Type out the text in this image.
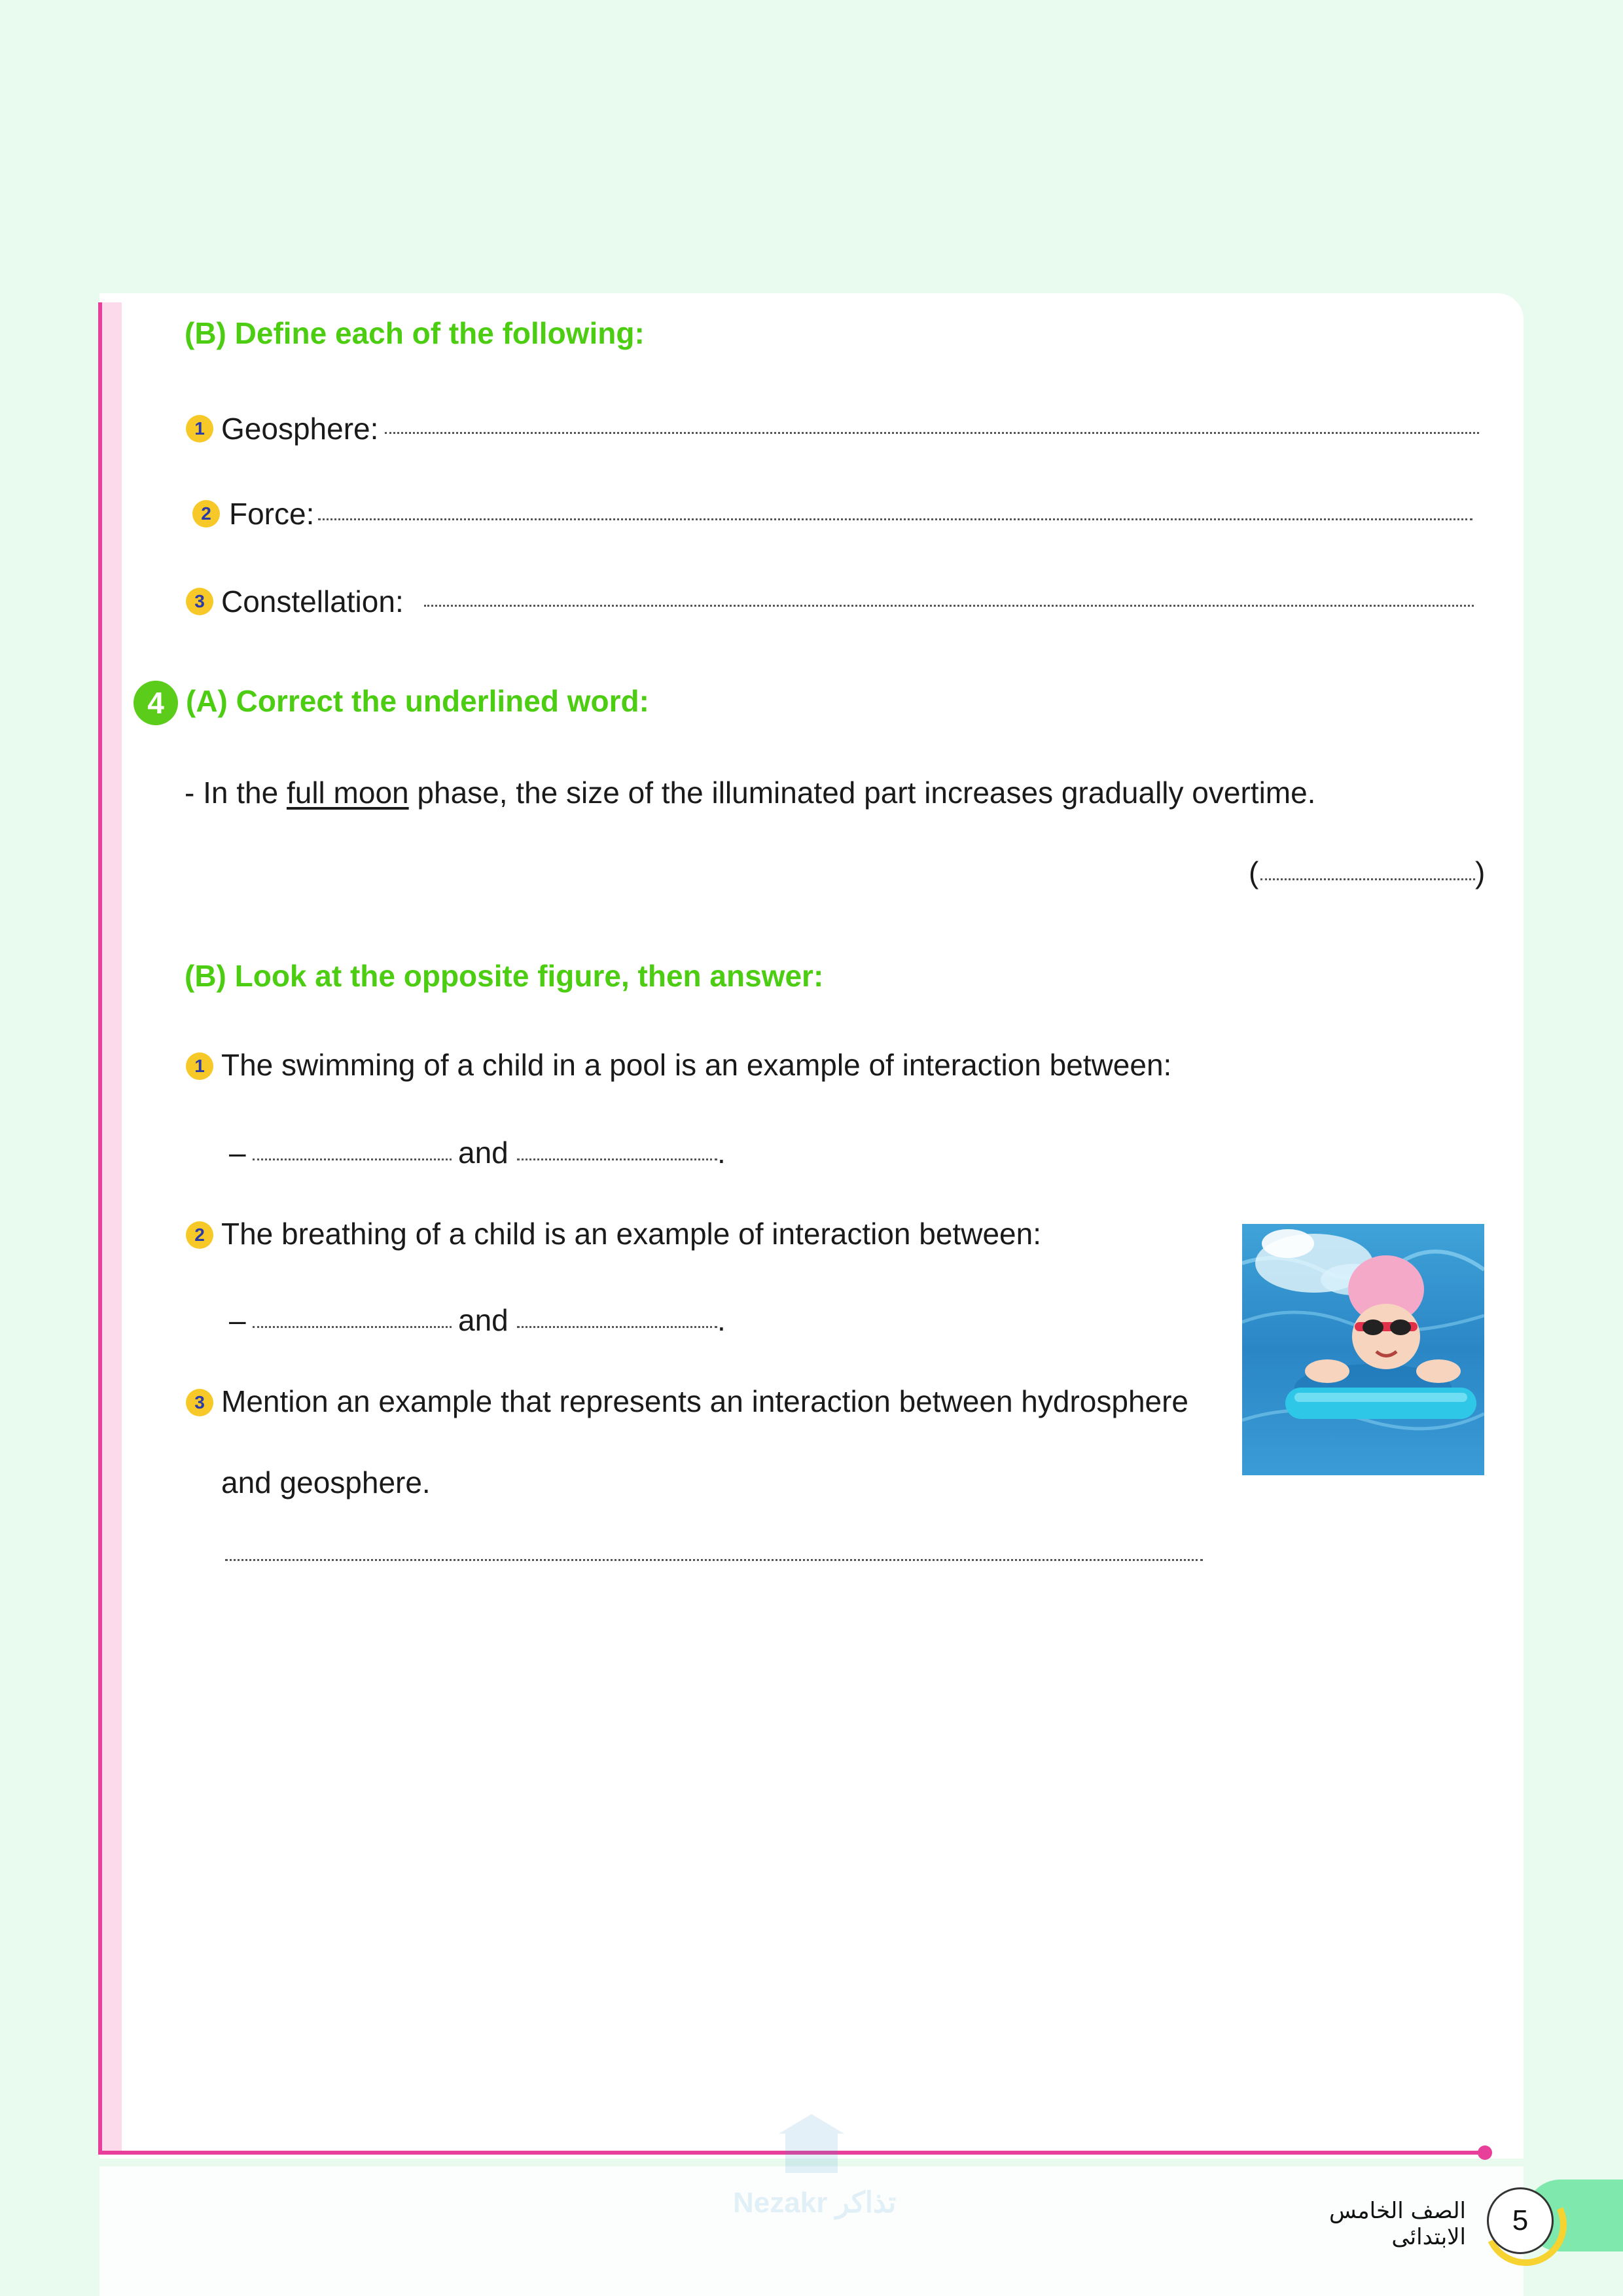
(B) Define each of the following:
1 Geosphere:
2 Force:
3 Constellation:
4 (A) Correct the underlined word:
- In the full moon phase, the size of the illuminated part increases gradually overtime.
(	)
(B) Look at the opposite figure, then answer:
1 The swimming of a child in a pool is an example of interaction between:
–	and	.
2 The breathing of a child is an example of interaction between:
–	and	.
3 Mention an example that represents an interaction between hydrosphere
and geosphere.
Nezakr تذاكر
5
الصف الخامس الابتدائى
